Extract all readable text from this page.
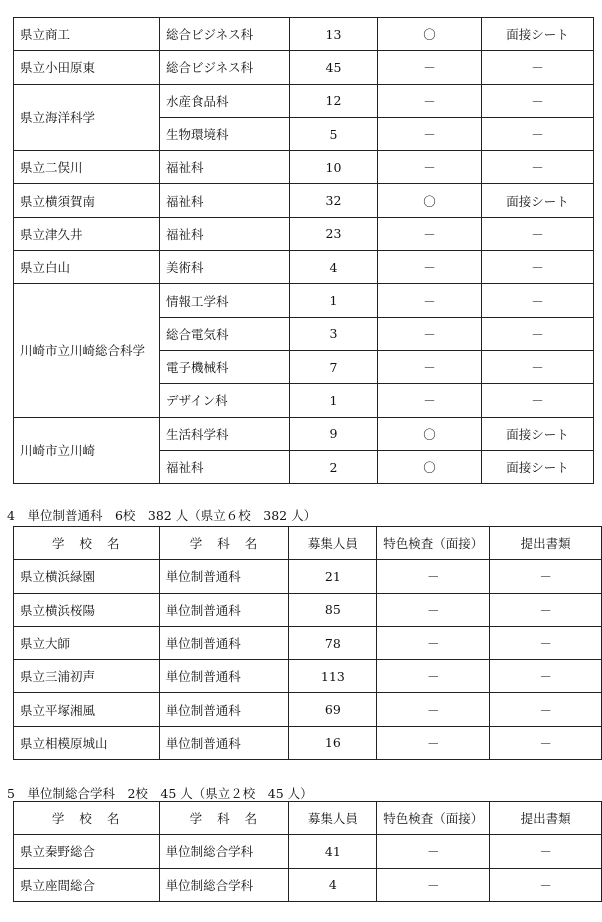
県立商工	総合ビジネス科	13	〇	面接シート
県立小田原東	総合ビジネス科	45	－	－
県立海洋科学	水産食品科	12	－	－
	生物環境科	5	－	－
県立二俣川	福祉科	10	－	－
県立横須賀南	福祉科	32	〇	面接シート
県立津久井	福祉科	23	－	－
県立白山	美術科	4	－	－
川崎市立川崎総合科学	情報工学科	1	－	－
	総合電気科	3	－	－
	電子機械科	7	－	－
	デザイン科	1	－	－
川崎市立川崎	生活科学科	9	〇	面接シート
	福祉科	2	〇	面接シート
4　単位制普通科　6校　382 人（県立６校　382 人）
学　校　名	学　科　名	募集人員	特色検査（面接）	提出書類
県立横浜緑園	単位制普通科	21	－	－
県立横浜桜陽	単位制普通科	85	－	－
県立大師	単位制普通科	78	－	－
県立三浦初声	単位制普通科	113	－	－
県立平塚湘風	単位制普通科	69	－	－
県立相模原城山	単位制普通科	16	－	－
5　単位制総合学科　2校　45 人（県立２校　45 人）
学　校　名	学　科　名	募集人員	特色検査（面接）	提出書類
県立秦野総合	単位制総合学科	41	－	－
県立座間総合	単位制総合学科	4	－	－
